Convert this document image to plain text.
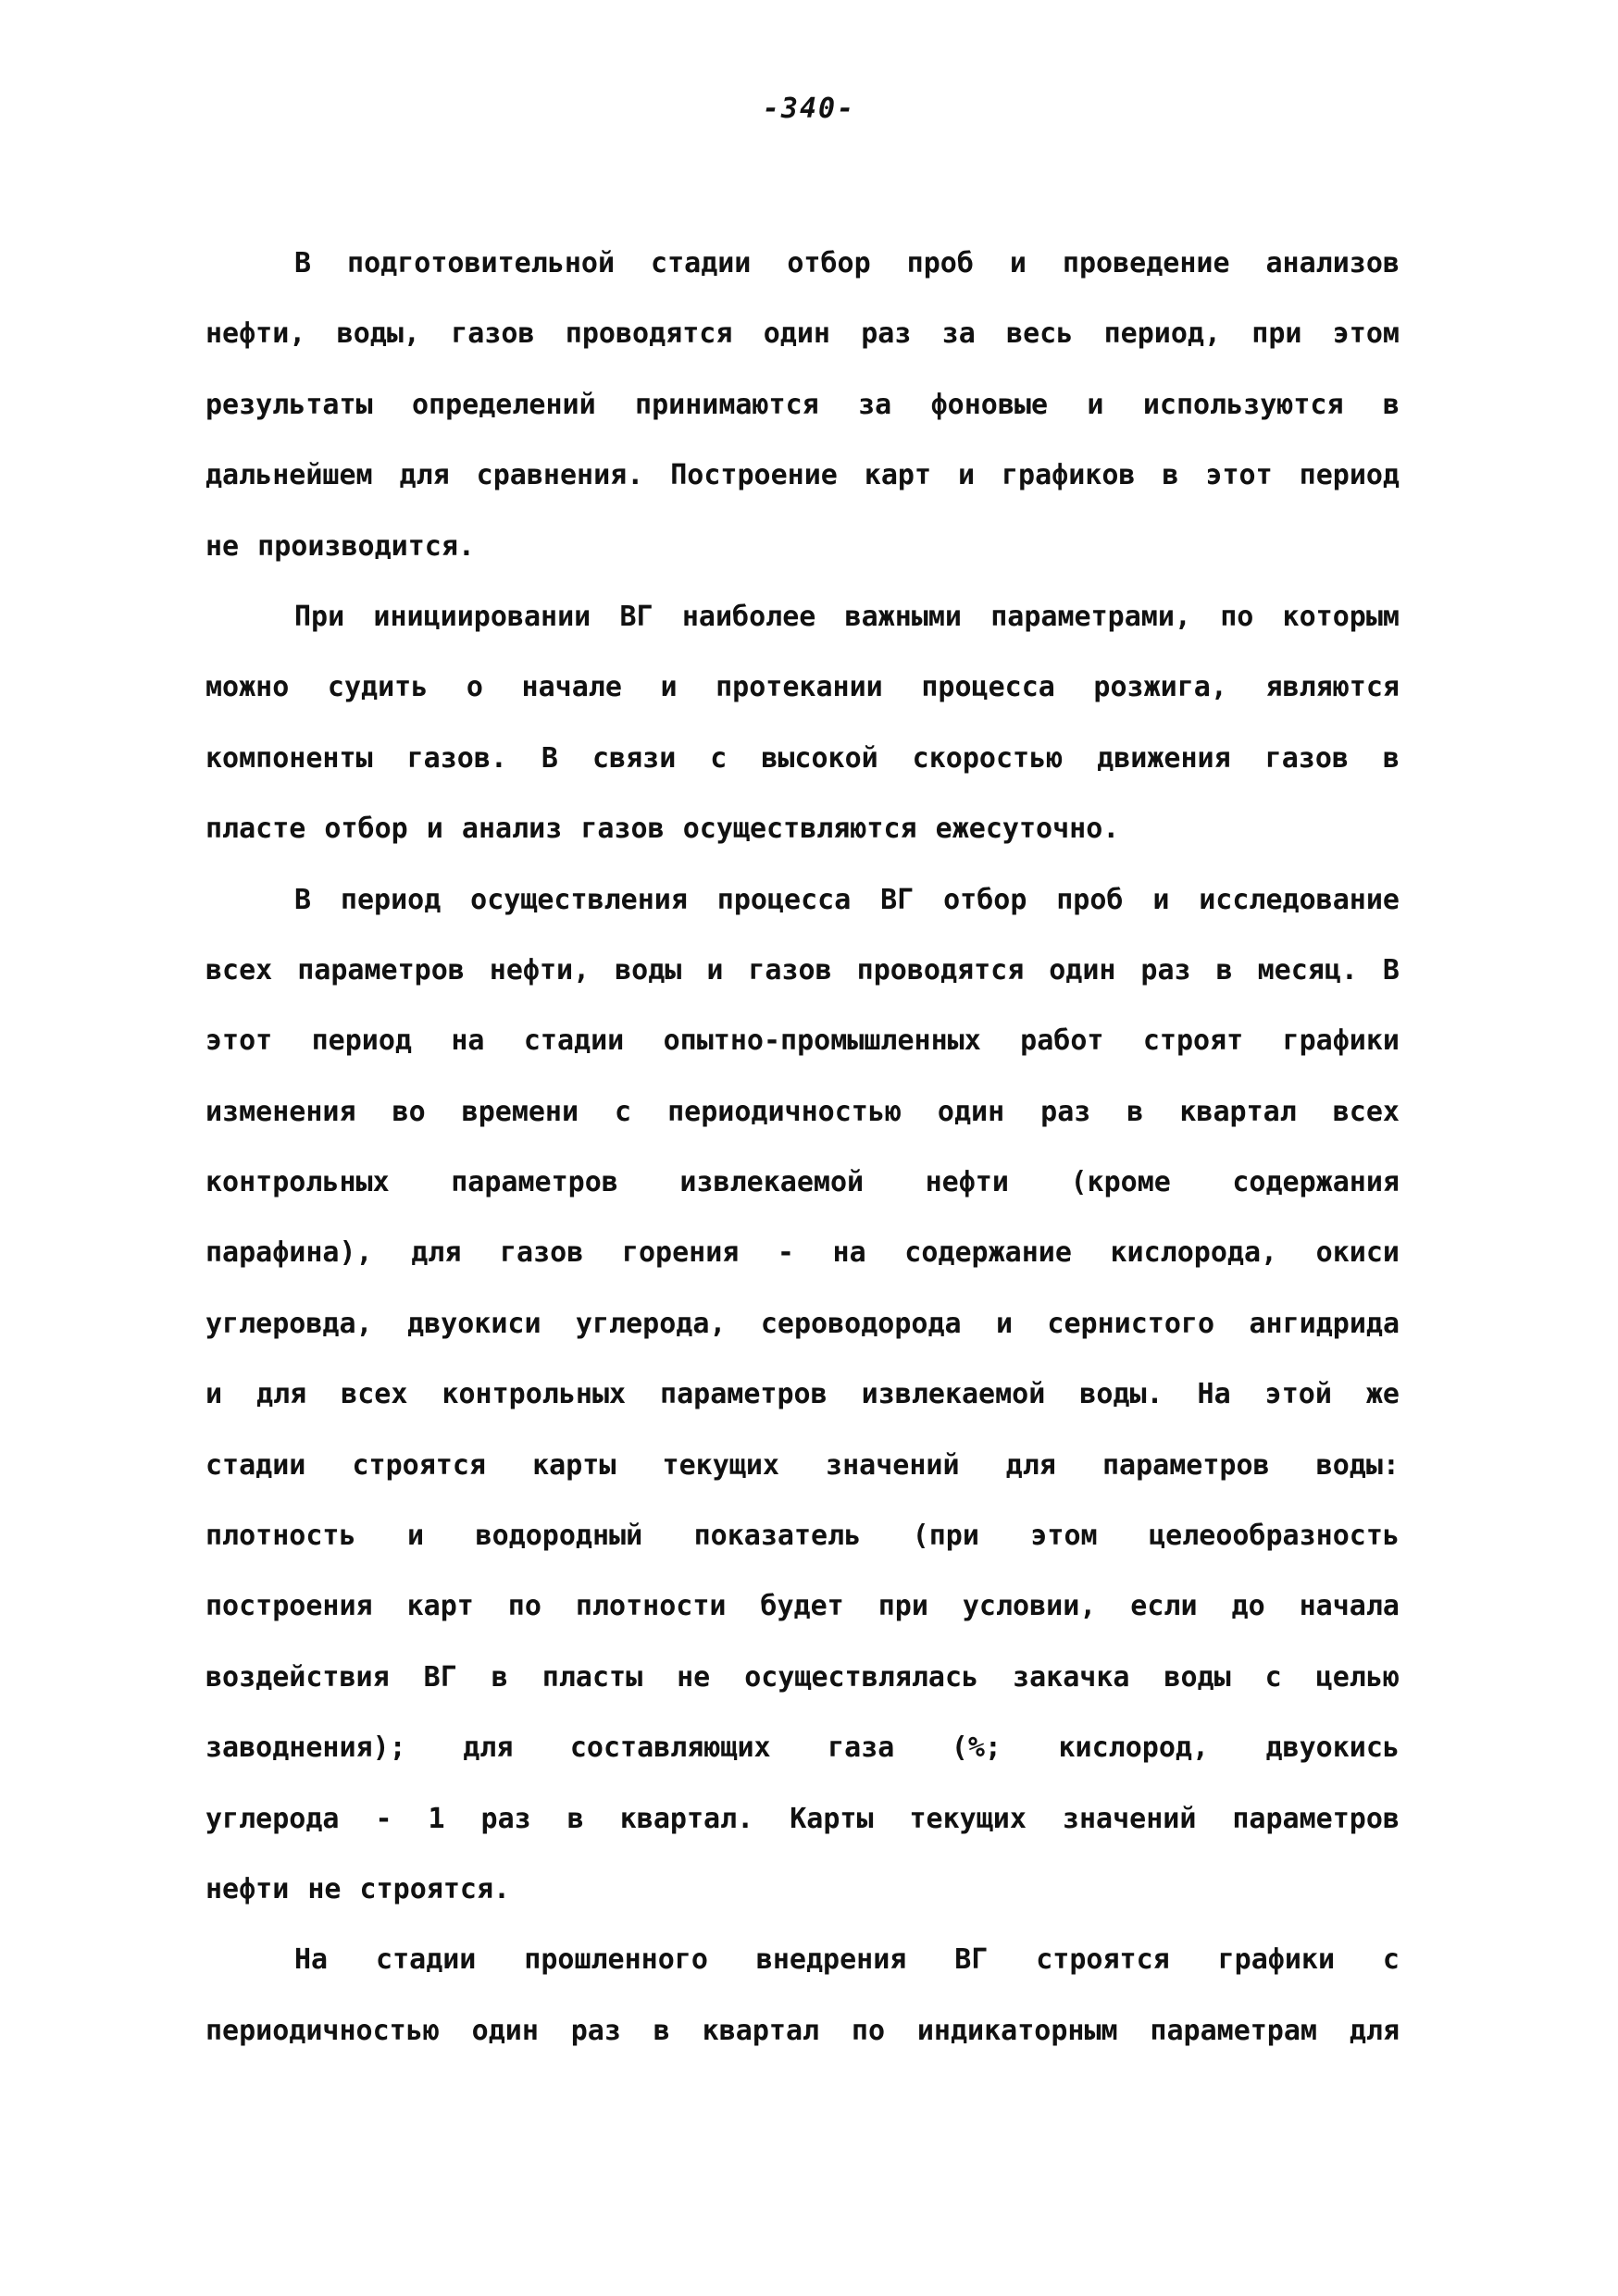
-340-
В подготовительной стадии отбор проб и проведение анализов
нефти, воды, газов проводятся один раз за весь период, при этом
результаты определений принимаются за фоновые и используются в
дальнейшем для сравнения. Построение карт и графиков в этот период
не производится.
При инициировании ВГ наиболее важными параметрами, по которым
можно судить о начале и протекании процесса розжига, являются
компоненты газов. В связи с высокой скоростью движения газов в
пласте отбор и анализ газов осуществляются ежесуточно.
В период осуществления процесса ВГ отбор проб и исследование
всех параметров нефти, воды и газов проводятся один раз в месяц. В
этот период на стадии опытно-промышленных работ строят графики
изменения во времени с периодичностью один раз в квартал всех
контрольных параметров извлекаемой нефти (кроме содержания
парафина), для газов горения - на содержание кислорода, окиси
углеровда, двуокиси углерода, сероводорода и сернистого ангидрида
и для всех контрольных параметров извлекаемой воды. На этой же
стадии строятся карты текущих значений для параметров воды:
плотность и водородный показатель (при этом целеообразность
построения карт по плотности будет при условии, если до начала
воздействия ВГ в пласты не осуществлялась закачка воды с целью
заводнения); для составляющих газа (%; кислород, двуокись
углерода - 1 раз в квартал. Карты текущих значений параметров
нефти не строятся.
На стадии прошленного внедрения ВГ строятся графики с
периодичностью один раз в квартал по индикаторным параметрам для
